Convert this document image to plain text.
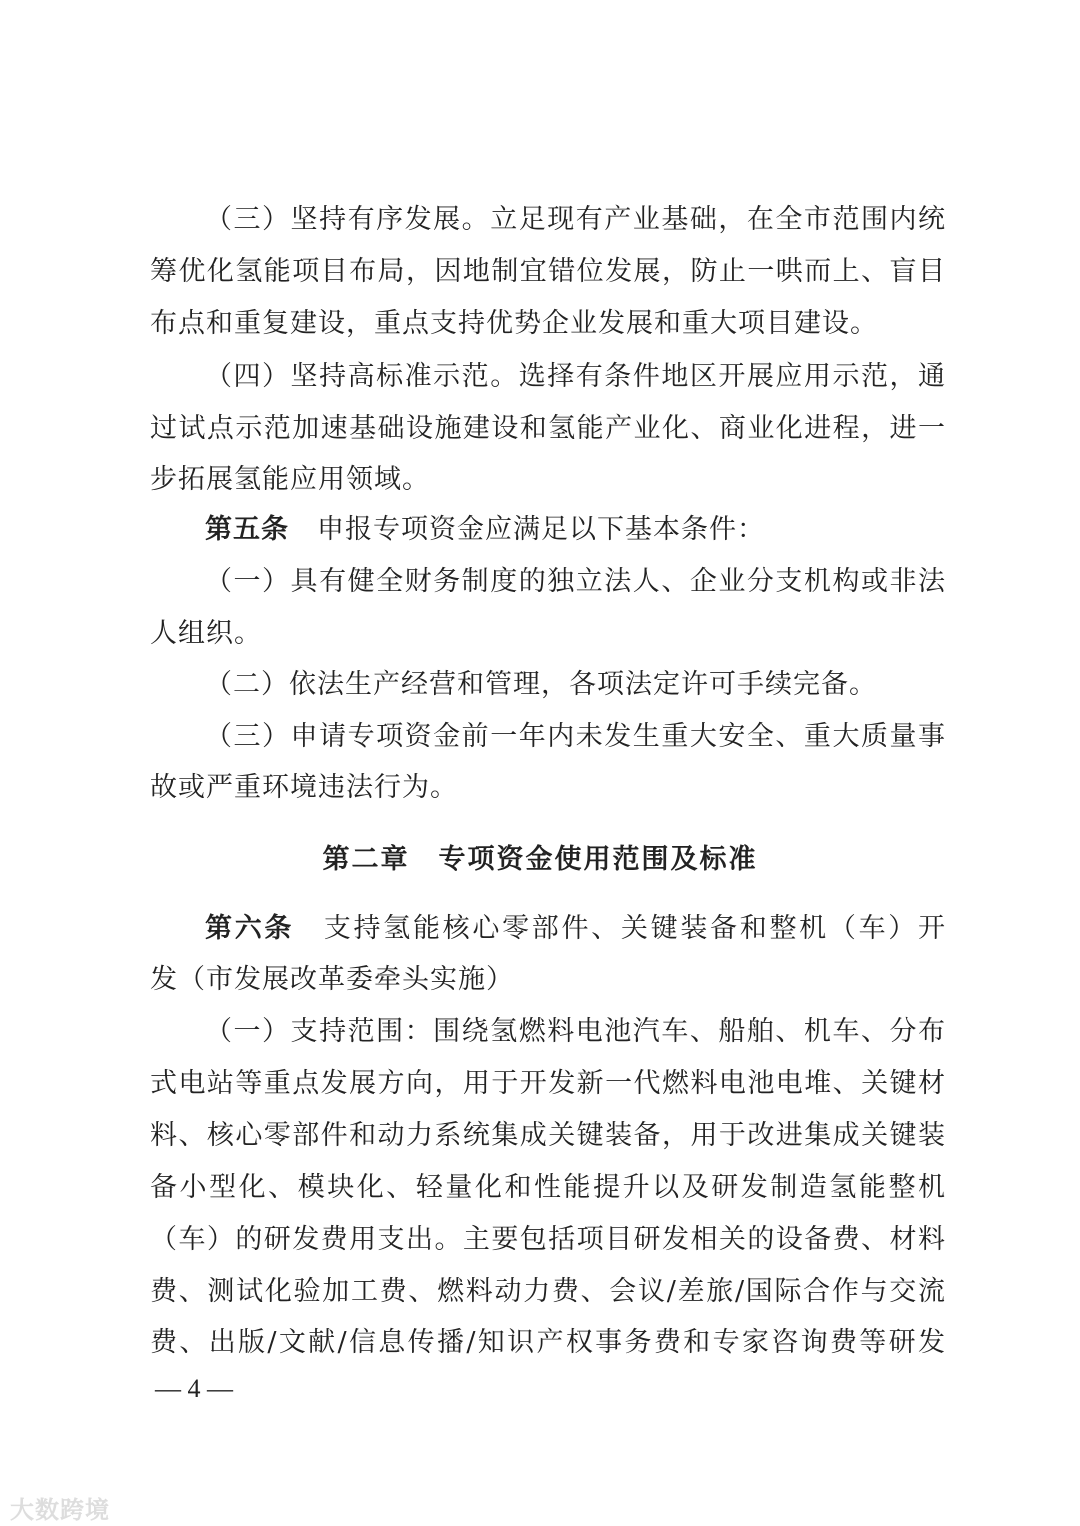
（三）坚持有序发展。立足现有产业基础，在全市范围内统
筹优化氢能项目布局，因地制宜错位发展，防止一哄而上、盲目
布点和重复建设，重点支持优势企业发展和重大项目建设。
（四）坚持高标准示范。选择有条件地区开展应用示范，通
过试点示范加速基础设施建设和氢能产业化、商业化进程，进一
步拓展氢能应用领域。
第五条　申报专项资金应满足以下基本条件：
（一）具有健全财务制度的独立法人、企业分支机构或非法
人组织。
（二）依法生产经营和管理，各项法定许可手续完备。
（三）申请专项资金前一年内未发生重大安全、重大质量事
故或严重环境违法行为。
第六条　支持氢能核心零部件、关键装备和整机（车）开
发（市发展改革委牵头实施）
（一）支持范围：围绕氢燃料电池汽车、船舶、机车、分布
式电站等重点发展方向，用于开发新一代燃料电池电堆、关键材
料、核心零部件和动力系统集成关键装备，用于改进集成关键装
备小型化、模块化、轻量化和性能提升以及研发制造氢能整机
（车）的研发费用支出。主要包括项目研发相关的设备费、材料
费、测试化验加工费、燃料动力费、会议/差旅/国际合作与交流
费、出版/文献/信息传播/知识产权事务费和专家咨询费等研发
第二章　专项资金使用范围及标准
— 4 —
大数跨境
